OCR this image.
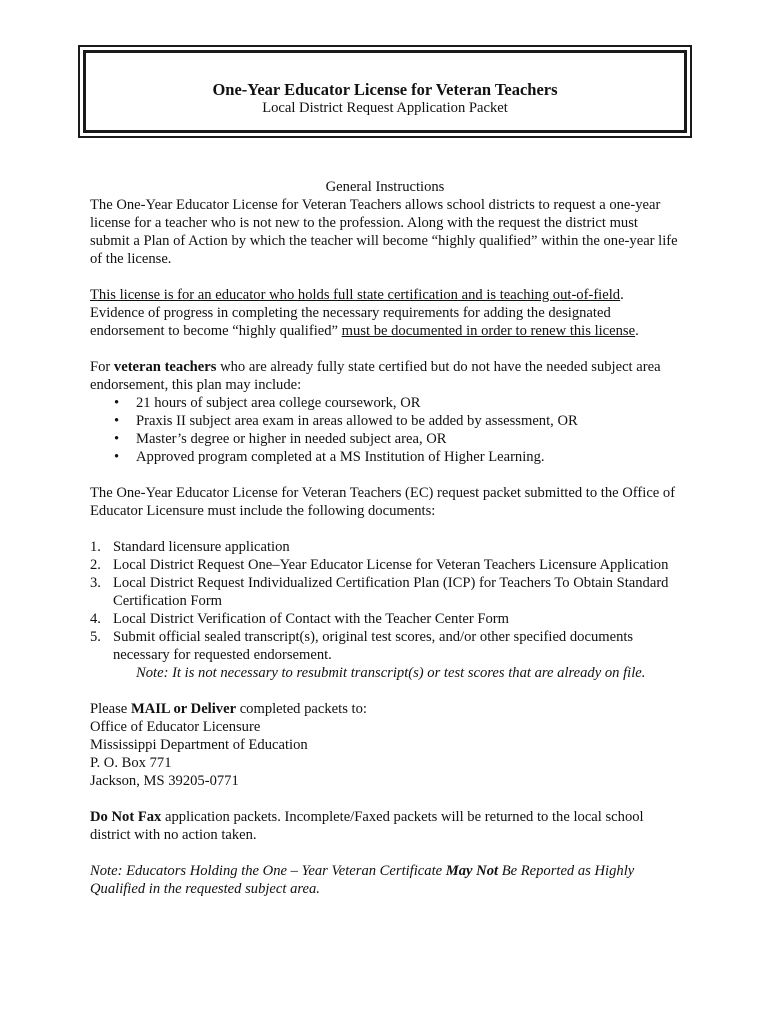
One-Year Educator License for Veteran Teachers

Local District Request Application Packet

General Instructions

The One-Year Educator License for Veteran Teachers allows school districts to request a one-year license for a teacher who is not new to the profession. Along with the request the district must submit a Plan of Action by which the teacher will become “highly qualified” within the one-year life of the license.

This license is for an educator who holds full state certification and is teaching out-of-field. Evidence of progress in completing the necessary requirements for adding the designated endorsement to become “highly qualified” must be documented in order to renew this license.

For veteran teachers who are already fully state certified but do not have the needed subject area endorsement, this plan may include:

• 21 hours of subject area college coursework, OR
• Praxis II subject area exam in areas allowed to be added by assessment, OR
• Master’s degree or higher in needed subject area, OR
• Approved program completed at a MS Institution of Higher Learning.

The One-Year Educator License for Veteran Teachers (EC) request packet submitted to the Office of Educator Licensure must include the following documents:

1. Standard licensure application
2. Local District Request One–Year Educator License for Veteran Teachers Licensure Application
3. Local District Request Individualized Certification Plan (ICP) for Teachers To Obtain Standard Certification Form
4. Local District Verification of Contact with the Teacher Center Form
5. Submit official sealed transcript(s), original test scores, and/or other specified documents necessary for requested endorsement.
Note: It is not necessary to resubmit transcript(s) or test scores that are already on file.

Please MAIL or Deliver completed packets to:
Office of Educator Licensure
Mississippi Department of Education
P. O. Box 771
Jackson, MS 39205-0771

Do Not Fax application packets. Incomplete/Faxed packets will be returned to the local school district with no action taken.

Note: Educators Holding the One – Year Veteran Certificate May Not Be Reported as Highly Qualified in the requested subject area.
